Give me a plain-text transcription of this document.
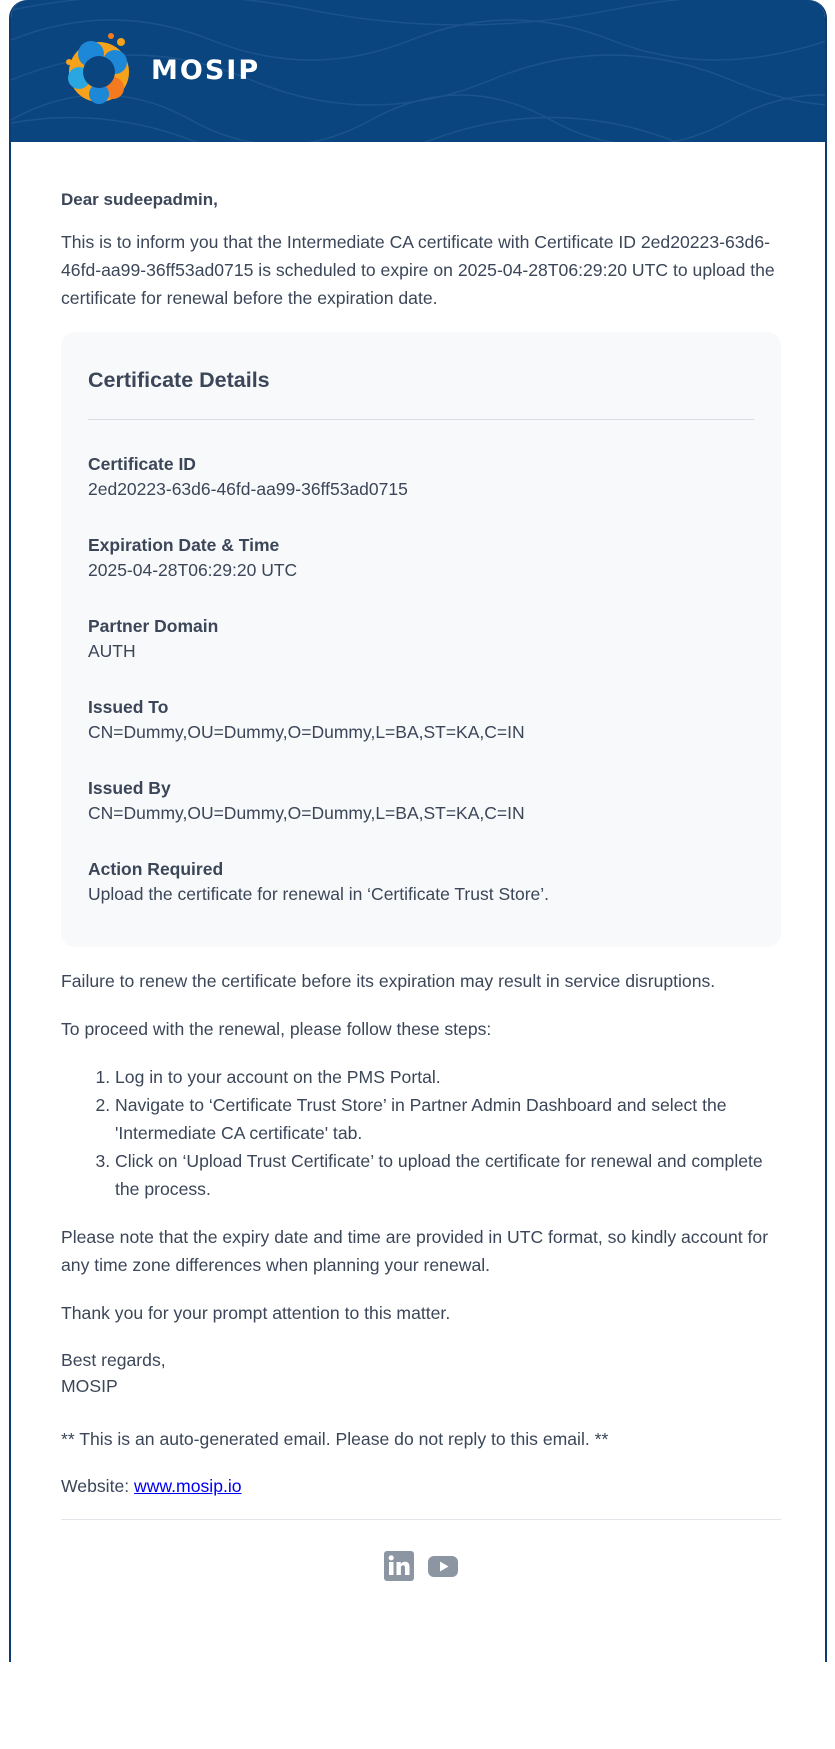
MOSIP
Dear sudeepadmin,

This is to inform you that the Intermediate CA certificate with Certificate ID 2ed20223-63d6-46fd-aa99-36ff53ad0715 is scheduled to expire on 2025-04-28T06:29:20 UTC to upload the certificate for renewal before the expiration date.

Certificate Details
Certificate ID
2ed20223-63d6-46fd-aa99-36ff53ad0715
Expiration Date & Time
2025-04-28T06:29:20 UTC
Partner Domain
AUTH
Issued To
CN=Dummy,OU=Dummy,O=Dummy,L=BA,ST=KA,C=IN
Issued By
CN=Dummy,OU=Dummy,O=Dummy,L=BA,ST=KA,C=IN
Action Required
Upload the certificate for renewal in ‘Certificate Trust Store’.

Failure to renew the certificate before its expiration may result in service disruptions.

To proceed with the renewal, please follow these steps:

1. Log in to your account on the PMS Portal.
2. Navigate to ‘Certificate Trust Store’ in Partner Admin Dashboard and select the 'Intermediate CA certificate' tab.
3. Click on ‘Upload Trust Certificate’ to upload the certificate for renewal and complete the process.

Please note that the expiry date and time are provided in UTC format, so kindly account for any time zone differences when planning your renewal.

Thank you for your prompt attention to this matter.

Best regards,
MOSIP

** This is an auto-generated email. Please do not reply to this email. **

Website: www.mosip.io
